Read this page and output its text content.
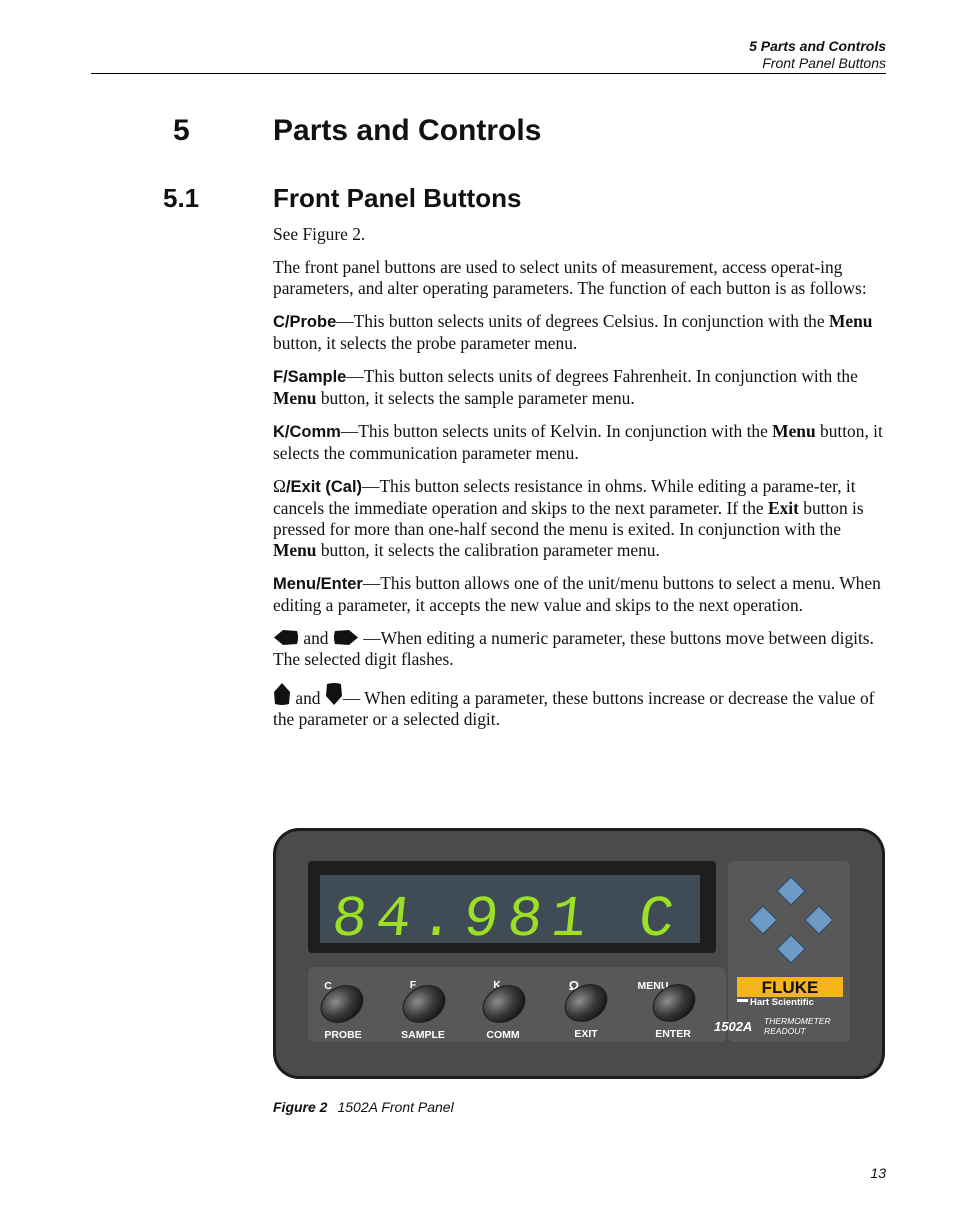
5 Parts and Controls
Front Panel Buttons
5	Parts and Controls
5.1	Front Panel Buttons

See Figure 2.

The front panel buttons are used to select units of measurement, access operat-ing parameters, and alter operating parameters. The function of each button is as follows:

C/Probe—This button selects units of degrees Celsius. In conjunction with the Menu button, it selects the probe parameter menu.

F/Sample—This button selects units of degrees Fahrenheit. In conjunction with the Menu button, it selects the sample parameter menu.

K/Comm—This button selects units of Kelvin. In conjunction with the Menu button, it selects the communication parameter menu.

Ω/Exit (Cal)—This button selects resistance in ohms. While editing a parame-ter, it cancels the immediate operation and skips to the next parameter. If the Exit button is pressed for more than one-half second the menu is exited. In conjunction with the Menu button, it selects the calibration parameter menu.

Menu/Enter—This button allows one of the unit/menu buttons to select a menu. When editing a parameter, it accepts the new value and skips to the next operation.

and —When editing a numeric parameter, these buttons move between digits. The selected digit flashes.

and — When editing a parameter, these buttons increase or decrease the value of the parameter or a selected digit.

84.981 C
C	F	K	Ω	MENU
PROBE	SAMPLE	COMM	EXIT	ENTER
FLUKE
Hart Scientific
1502A THERMOMETER
READOUT
Figure 2 1502A Front Panel
13
